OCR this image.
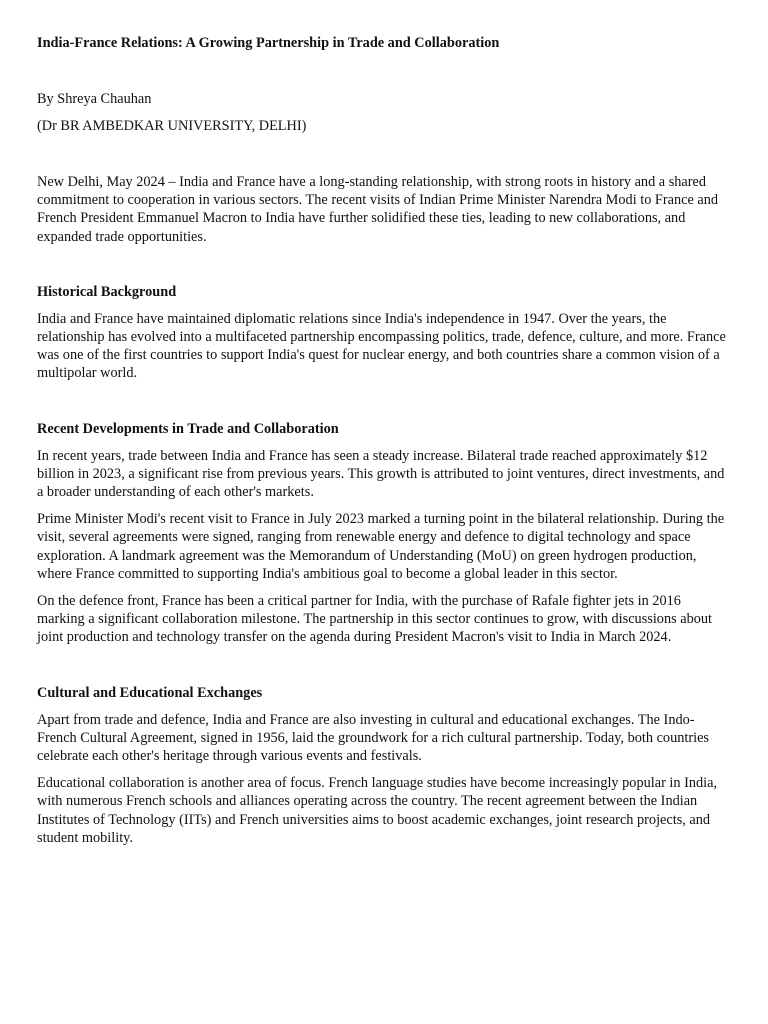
India-France Relations: A Growing Partnership in Trade and Collaboration
By Shreya Chauhan
(Dr BR AMBEDKAR UNIVERSITY, DELHI)

New Delhi, May 2024 – India and France have a long-standing relationship, with strong roots in history and a shared commitment to cooperation in various sectors. The recent visits of Indian Prime Minister Narendra Modi to France and French President Emmanuel Macron to India have further solidified these ties, leading to new collaborations, and expanded trade opportunities.

Historical Background

India and France have maintained diplomatic relations since India's independence in 1947. Over the years, the relationship has evolved into a multifaceted partnership encompassing politics, trade, defence, culture, and more. France was one of the first countries to support India's quest for nuclear energy, and both countries share a common vision of a multipolar world.

Recent Developments in Trade and Collaboration

In recent years, trade between India and France has seen a steady increase. Bilateral trade reached approximately $12 billion in 2023, a significant rise from previous years. This growth is attributed to joint ventures, direct investments, and a broader understanding of each other's markets.

Prime Minister Modi's recent visit to France in July 2023 marked a turning point in the bilateral relationship. During the visit, several agreements were signed, ranging from renewable energy and defence to digital technology and space exploration. A landmark agreement was the Memorandum of Understanding (MoU) on green hydrogen production, where France committed to supporting India's ambitious goal to become a global leader in this sector.

On the defence front, France has been a critical partner for India, with the purchase of Rafale fighter jets in 2016 marking a significant collaboration milestone. The partnership in this sector continues to grow, with discussions about joint production and technology transfer on the agenda during President Macron's visit to India in March 2024.

Cultural and Educational Exchanges

Apart from trade and defence, India and France are also investing in cultural and educational exchanges. The Indo-French Cultural Agreement, signed in 1956, laid the groundwork for a rich cultural partnership. Today, both countries celebrate each other's heritage through various events and festivals.

Educational collaboration is another area of focus. French language studies have become increasingly popular in India, with numerous French schools and alliances operating across the country. The recent agreement between the Indian Institutes of Technology (IITs) and French universities aims to boost academic exchanges, joint research projects, and student mobility.
